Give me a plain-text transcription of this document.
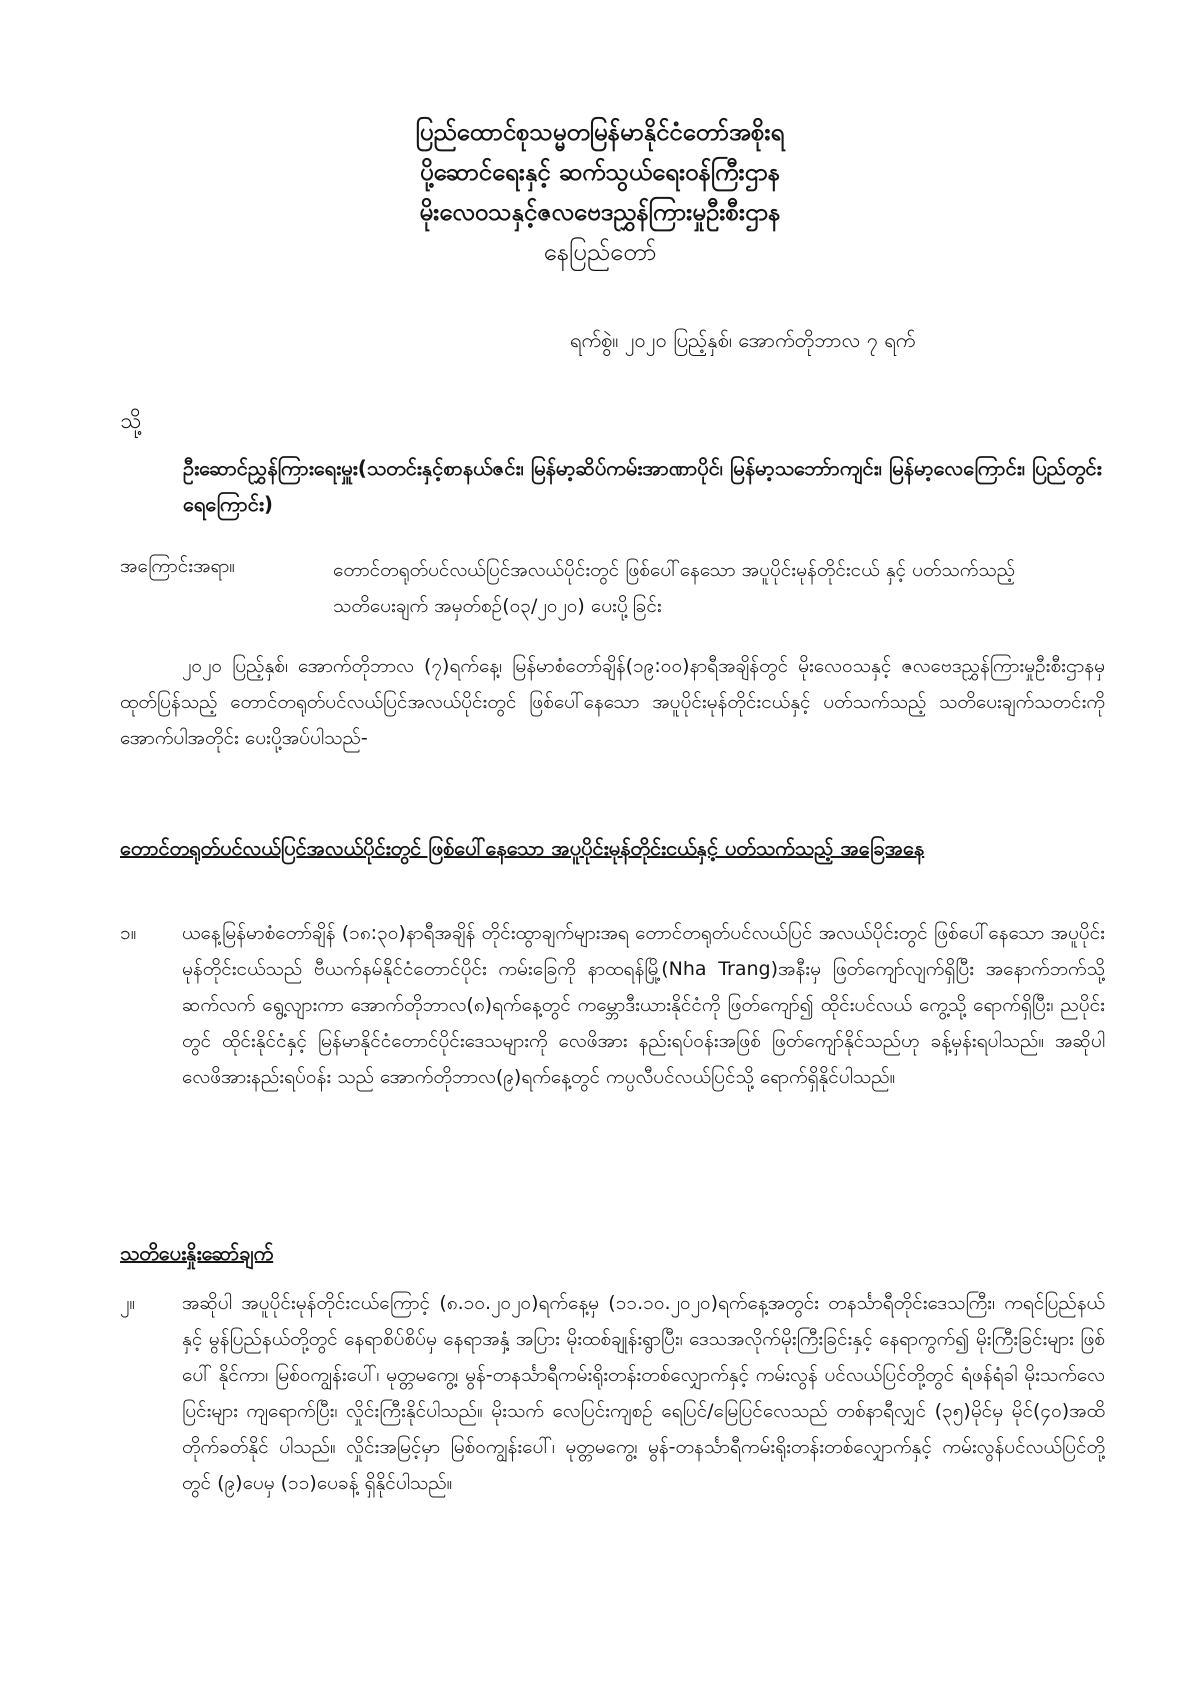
ပြည်ထောင်စုသမ္မတမြန်မာနိုင်ငံတော်အစိုးရ
ပို့ဆောင်ရေးနှင့် ဆက်သွယ်ရေးဝန်ကြီးဌာန
မိုးလေဝသနှင့်ဇလဗေဒညွှန်ကြားမှုဦးစီးဌာန
နေပြည်တော်
ရက်စွဲ။ ၂၀၂၀ ပြည့်နှစ်၊ အောက်တိုဘာလ ၇ ရက်
သို့
ဦးဆောင်ညွှန်ကြားရေးမှူး(သတင်းနှင့်စာနယ်ဇင်း၊ မြန်မာ့ဆိပ်ကမ်းအာဏာပိုင်၊ မြန်မာ့သဘော်ာကျင်း၊ မြန်မာ့လေကြောင်း၊ ပြည်တွင်းရေကြောင်း)
အကြောင်းအရာ။	တောင်တရုတ်ပင်လယ်ပြင်အလယ်ပိုင်းတွင် ဖြစ်ပေါ်နေသော အပူပိုင်းမုန်တိုင်းငယ် နှင့် ပတ်သက်သည့် သတိပေးချက် အမှတ်စဉ်(၀၃/၂၀၂၀) ပေးပို့ခြင်း
၂၀၂၀ ပြည့်နှစ်၊ အောက်တိုဘာလ (၇)ရက်နေ့၊ မြန်မာစံတော်ချိန်(၁၉:၀၀)နာရီအချိန်တွင် မိုးလေဝသနှင့် ဇလဗေဒညွှန်ကြားမှုဦးစီးဌာနမှ ထုတ်ပြန်သည့် တောင်တရုတ်ပင်လယ်ပြင်အလယ်ပိုင်းတွင် ဖြစ်ပေါ်နေသော အပူပိုင်းမုန်တိုင်းငယ်နှင့် ပတ်သက်သည့် သတိပေးချက်သတင်းကို အောက်ပါအတိုင်း ပေးပို့အပ်ပါသည်-
တောင်တရုတ်ပင်လယ်ပြင်အလယ်ပိုင်းတွင် ဖြစ်ပေါ်နေသော အပူပိုင်းမုန်တိုင်းငယ်နှင့် ပတ်သက်သည့် အခြေအနေ
၁။	ယနေ့မြန်မာစံတော်ချိန် (၁၈:၃၀)နာရီအချိန် တိုင်းထွာချက်များအရ တောင်တရုတ်ပင်လယ်ပြင် အလယ်ပိုင်းတွင် ဖြစ်ပေါ်နေသော အပူပိုင်းမုန်တိုင်းငယ်သည် ဗီယက်နမ်နိုင်ငံတောင်ပိုင်း ကမ်းခြေကို နာထရန်မြို့(Nha Trang)အနီးမှ ဖြတ်ကျော်လျက်ရှိပြီး အနောက်ဘက်သို့ ဆက်လက် ရွေ့လျားကာ အောက်တိုဘာလ(၈)ရက်နေ့တွင် ကမ္ဘောဒီးယားနိုင်ငံကို ဖြတ်ကျော်၍ ထိုင်းပင်လယ် ကွေ့သို့ ရောက်ရှိပြီး၊ ညပိုင်းတွင် ထိုင်းနိုင်ငံနှင့် မြန်မာနိုင်ငံတောင်ပိုင်းဒေသများကို လေဖိအား နည်းရပ်ဝန်းအဖြစ် ဖြတ်ကျော်နိုင်သည်ဟု ခန့်မှန်းရပါသည်။ အဆိုပါ လေဖိအားနည်းရပ်ဝန်း သည် အောက်တိုဘာလ(၉)ရက်နေ့တွင် ကပ္ပလီပင်လယ်ပြင်သို့ ရောက်ရှိနိုင်ပါသည်။
သတိပေးနှိုးဆော်ချက်
၂။	အဆိုပါ အပူပိုင်းမုန်တိုင်းငယ်ကြောင့် (၈.၁၀.၂၀၂၀)ရက်နေ့မှ (၁၁.၁၀.၂၀၂၀)ရက်နေ့အတွင်း တနင်္သာရီတိုင်းဒေသကြီး၊ ကရင်ပြည်နယ်နှင့် မွန်ပြည်နယ်တို့တွင် နေရာစိပ်စိပ်မှ နေရာအနှံ့ အပြား မိုးထစ်ချုန်းရွာပြီး၊ ဒေသအလိုက်မိုးကြီးခြင်းနှင့် နေရာကွက်၍ မိုးကြီးခြင်းများ ဖြစ်ပေါ် နိုင်ကာ၊ မြစ်ဝကျွန်းပေါ်၊ မုတ္တမကွေ့၊ မွန်-တနင်္သာရီကမ်းရိုးတန်းတစ်လျှောက်နှင့် ကမ်းလွန် ပင်လယ်ပြင်တို့တွင် ရံဖန်ရံခါ မိုးသက်လေပြင်းများ ကျရောက်ပြီး၊ လှိုင်းကြီးနိုင်ပါသည်။ မိုးသက် လေပြင်းကျစဉ် ရေပြင်/မြေပြင်လေသည် တစ်နာရီလျှင် (၃၅)မိုင်မှ မိုင်(၄၀)အထိ တိုက်ခတ်နိုင် ပါသည်။ လှိုင်းအမြင့်မှာ မြစ်ဝကျွန်းပေါ်၊ မုတ္တမကွေ့၊ မွန်-တနင်္သာရီကမ်းရိုးတန်းတစ်လျှောက်နှင့် ကမ်းလွန်ပင်လယ်ပြင်တို့တွင် (၉)ပေမှ (၁၁)ပေခန့် ရှိနိုင်ပါသည်။
